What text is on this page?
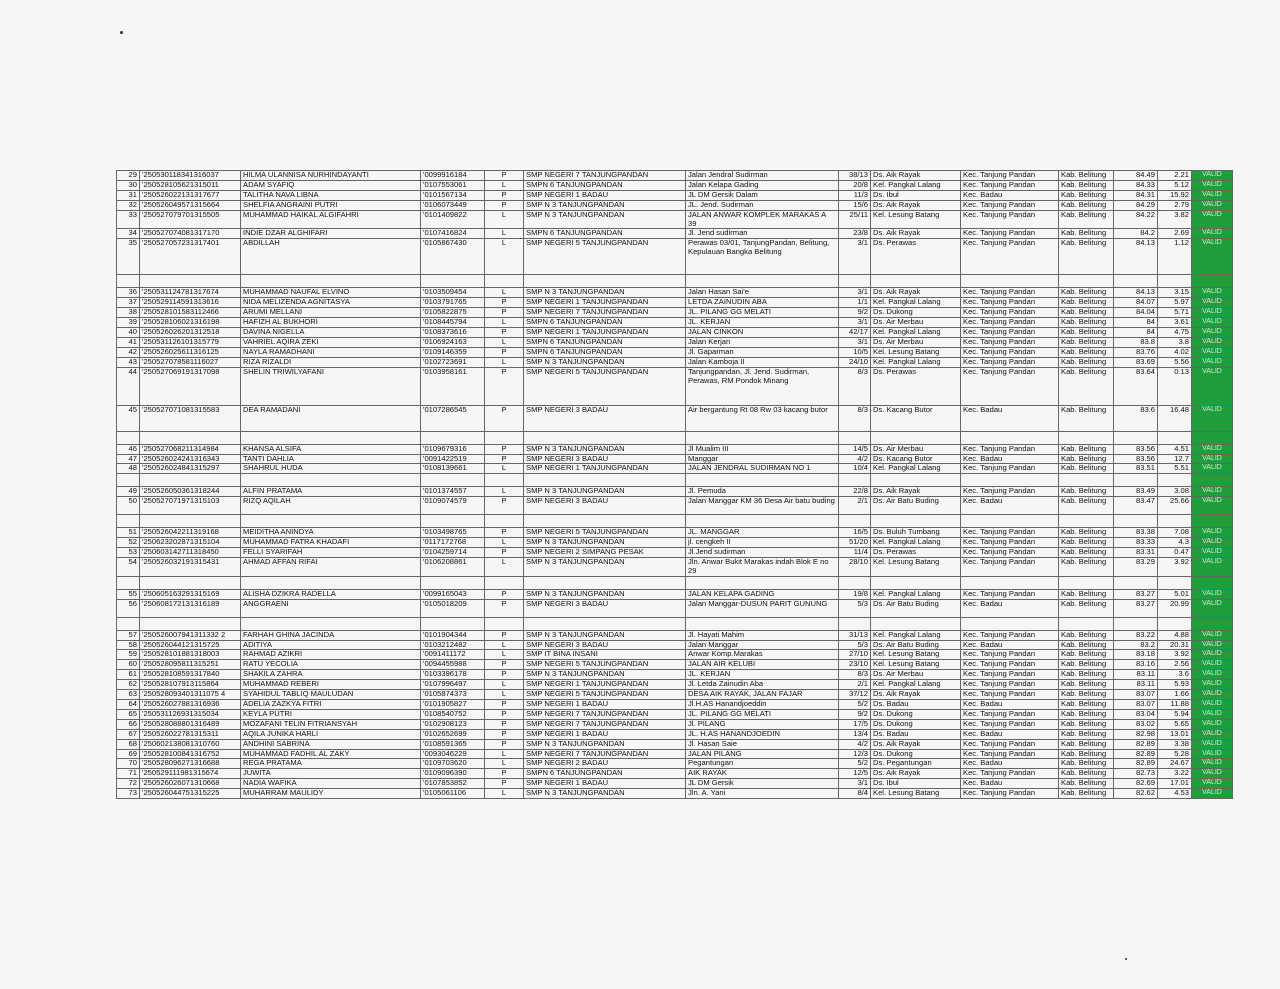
29	'250530118341316037	HILMA ULANNISA NURHINDAYANTI	'0099916184	P	SMP NEGERI 7 TANJUNGPANDAN	Jalan Jendral Sudirman	38/13	Ds. Aik Rayak	Kec. Tanjung Pandan	Kab. Belitung	84.49	2.21	VALID
30	'250528105621315011	ADAM SYAFIQ	'0107553061	L	SMPN 6 TANJUNGPANDAN	Jalan Kelapa Gading	20/8	Kel. Pangkal Lalang	Kec. Tanjung Pandan	Kab. Belitung	84.33	5.12	VALID
31	'250526022131317677	TALITHA NAVA LIBNA	'0101567134	P	SMP NEGERI 1 BADAU	JL DM Gersik Dalam	11/3	Ds. Ibul	Kec. Badau	Kab. Belitung	84.31	15.92	VALID
32	'250526049571315664	SHELFIA ANGRAINI PUTRI	'0106073449	P	SMP N 3 TANJUNGPANDAN	JL. Jend. Sudirman	15/6	Ds. Aik Rayak	Kec. Tanjung Pandan	Kab. Belitung	84.29	2.79	VALID
33	'250527079701315505	MUHAMMAD HAIKAL ALGIFAHRI	'0101409822	L	SMP N 3 TANJUNGPANDAN	JALAN ANWAR KOMPLEK MARAKAS A 39	25/11	Kel. Lesung Batang	Kec. Tanjung Pandan	Kab. Belitung	84.22	3.82	VALID
34	'250527074081317170	INDIE DZAR ALGHIFARI	'0107416824	L	SMPN 6 TANJUNGPANDAN	Jl. Jend sudirman	23/8	Ds. Aik Rayak	Kec. Tanjung Pandan	Kab. Belitung	84.2	2.69	VALID
35	'250527057231317401	ABDILLAH	'0105867430	L	SMP NEGERI 5 TANJUNGPANDAN	Perawas 03/01, TanjungPandan, Belitung, Kepulauan Bangka Belitung	3/1	Ds. Perawas	Kec. Tanjung Pandan	Kab. Belitung	84.13	1.12	VALID

36	'250531124781317674	MUHAMMAD NAUFAL ELVINO	'0103509454	L	SMP N 3 TANJUNGPANDAN	Jalan Hasan Sai'e	3/1	Ds. Aik Rayak	Kec. Tanjung Pandan	Kab. Belitung	84.13	3.15	VALID
37	'250529114591313616	NIDA MELIZENDA AGNITASYA	'0103791765	P	SMP NEGERI 1 TANJUNGPANDAN	LETDA ZAINUDIN ABA	1/1	Kel. Pangkal Lalang	Kec. Tanjung Pandan	Kab. Belitung	84.07	5.97	VALID
38	'250528101583112466	ARUMI MELLANI	'0105822875	P	SMP NEGERI 7 TANJUNGPANDAN	JL. PILANG GG MELATI	9/2	Ds. Dukong	Kec. Tanjung Pandan	Kab. Belitung	84.04	5.71	VALID
39	'250528106021316198	HAFIZH AL BUKHORI	'0108445794	L	SMPN 6 TANJUNGPANDAN	JL. KERJAN	3/1	Ds. Air Merbau	Kec. Tanjung Pandan	Kab. Belitung	84	3.61	VALID
40	'250526026201312518	DAVINA NIGELLA	'0108373616	P	SMP NEGERI 1 TANJUNGPANDAN	JALAN CINKON	42/17	Kel. Pangkal Lalang	Kec. Tanjung Pandan	Kab. Belitung	84	4.75	VALID
41	'250531126101315779	VAHRIEL AQIRA ZEKI	'0106924163	L	SMPN 6 TANJUNGPANDAN	Jalan Kerjan	3/1	Ds. Air Merbau	Kec. Tanjung Pandan	Kab. Belitung	83.8	3.8	VALID
42	'250526025611316125	NAYLA RAMADHANI	'0109146359	P	SMPN 6 TANJUNGPANDAN	Jl. Gaparman	10/5	Kel. Lesung Batang	Kec. Tanjung Pandan	Kab. Belitung	83.76	4.02	VALID
43	'250527078581116027	RIZA RIZALDI	'0102723691	L	SMP N 3 TANJUNGPANDAN	Jalan Kamboja II	24/10	Kel. Pangkal Lalang	Kec. Tanjung Pandan	Kab. Belitung	83.69	5.56	VALID
44	'250527069191317098	SHELIN TRIWILYAFANI	'0103958161	P	SMP NEGERI 5 TANJUNGPANDAN	Tanjungpandan, Jl. Jend. Sudirman, Perawas, RM Pondok Minang	8/3	Ds. Perawas	Kec. Tanjung Pandan	Kab. Belitung	83.64	0.13	VALID
45	'250527071081315583	DEA RAMADANI	'0107286545	P	SMP NEGERI 3 BADAU	Air bergantung Rt 08 Rw 03 kacang butor	8/3	Ds. Kacang Butor	Kec. Badau	Kab. Belitung	83.6	16.48	VALID

46	'250527068211314984	KHANSA ALSIFA	'0109679316	P	SMP N 3 TANJUNGPANDAN	Jl Mualim III	14/5	Ds. Air Merbau	Kec. Tanjung Pandan	Kab. Belitung	83.56	4.51	VALID
47	'250526024241316343	TANTI DAHLIA	'0091422519	P	SMP NEGERI 3 BADAU	Manggar	4/2	Ds. Kacang Butor	Kec. Badau	Kab. Belitung	83.56	12.7	VALID
48	'250526024841315297	SHAHRUL HUDA	'0108139661	L	SMP NEGERI 1 TANJUNGPANDAN	JALAN JENDRAL SUDIRMAN NO 1	10/4	Kel. Pangkal Lalang	Kec. Tanjung Pandan	Kab. Belitung	83.51	5.51	VALID

49	'250526050361318244	ALFIN PRATAMA	'0101374557	L	SMP N 3 TANJUNGPANDAN	Jl. Pemuda	22/8	Ds. Aik Rayak	Kec. Tanjung Pandan	Kab. Belitung	83.49	3.08	VALID
50	'250527071971315103	RIZQ AQILAH	'0109074579	P	SMP NEGERI 3 BADAU	Jalan Manggar KM 36 Desa Air batu buding	2/1	Ds. Air Batu Buding	Kec. Badau	Kab. Belitung	83.47	25.66	VALID

51	'250526042211319168	MEIDITHA ANINDYA	'0103498765	P	SMP NEGERI 5 TANJUNGPANDAN	JL. MANGGAR	16/5	Ds. Buluh Tumbang	Kec. Tanjung Pandan	Kab. Belitung	83.38	7.08	VALID
52	'250623202871315104	MUHAMMAD FATRA KHADAFI	'0117172768	L	SMP N 3 TANJUNGPANDAN	jl. cengkeh II	51/20	Kel. Pangkal Lalang	Kec. Tanjung Pandan	Kab. Belitung	83.33	4.3	VALID
53	'250603142711318450	FELLI SYARIFAH	'0104259714	P	SMP NEGERI 2 SIMPANG PESAK	Jl.Jend sudirman	11/4	Ds. Perawas	Kec. Tanjung Pandan	Kab. Belitung	83.31	0.47	VALID
54	'250526032191315431	AHMAD AFFAN RIFAI	'0106208861	L	SMP N 3 TANJUNGPANDAN	Jln. Anwar Bukit Marakas indah Blok E no 29	28/10	Kel. Lesung Batang	Kec. Tanjung Pandan	Kab. Belitung	83.29	3.92	VALID

55	'250605163291315169	ALISHA DZIKRA RADELLA	'0099165043	P	SMP N 3 TANJUNGPANDAN	JALAN KELAPA GADING	19/8	Kel. Pangkal Lalang	Kec. Tanjung Pandan	Kab. Belitung	83.27	5.01	VALID
56	'250608172131316189	ANGGRAENI	'0105018209	P	SMP NEGERI 3 BADAU	Jalan Manggar-DUSUN PARIT GUNUNG	5/3	Ds. Air Batu Buding	Kec. Badau	Kab. Belitung	83.27	20.99	VALID

57	'250526007941311332 2	FARHAH GHINA JACINDA	'0101904344	P	SMP N 3 TANJUNGPANDAN	Jl. Hayati Mahim	31/13	Kel. Pangkal Lalang	Kec. Tanjung Pandan	Kab. Belitung	83.22	4.88	VALID
58	'250526044121315725	ADITIYA	'0103212482	L	SMP NEGERI 3 BADAU	Jalan Manggar	5/3	Ds. Air Batu Buding	Kec. Badau	Kab. Belitung	83.2	20.31	VALID
59	'250528101881318003	RAHMAD AZIKRI	'0091411172	L	SMP IT BINA INSANI	Anwar Komp.Marakas	27/10	Kel. Lesung Batang	Kec. Tanjung Pandan	Kab. Belitung	83.18	3.92	VALID
60	'250528095811315251	RATU YECOLIA	'0094455988	P	SMP NEGERI 5 TANJUNGPANDAN	JALAN AIR KELUBI	23/10	Kel. Lesung Batang	Kec. Tanjung Pandan	Kab. Belitung	83.16	2.56	VALID
61	'250528108591317840	SHAKILA ZAHRA	'0103396178	P	SMP N 3 TANJUNGPANDAN	JL. KERJAN	8/3	Ds. Air Merbau	Kec. Tanjung Pandan	Kab. Belitung	83.11	3.6	VALID
62	'250528107913115864	MUHAMMAD REBERI	'0107996497	L	SMP NEGERI 1 TANJUNGPANDAN	Jl. Letda Zainudin Aba	2/1	Kel. Pangkal Lalang	Kec. Tanjung Pandan	Kab. Belitung	83.11	5.93	VALID
63	'250528093401311075 4	SYAHIDUL TABLIQ MAULUDAN	'0105874373	L	SMP NEGERI 5 TANJUNGPANDAN	DESA AIK RAYAK, JALAN FAJAR	37/12	Ds. Aik Rayak	Kec. Tanjung Pandan	Kab. Belitung	83.07	1.66	VALID
64	'250526027881316936	ADELIA ZAZKYA FITRI	'0101905827	P	SMP NEGERI 1 BADAU	Jl.H.AS Hanandjoeddin	5/2	Ds. Badau	Kec. Badau	Kab. Belitung	83.07	11.88	VALID
65	'250531126931315034	KEYLA PUTRI	'0108540752	P	SMP NEGERI 7 TANJUNGPANDAN	JL. PILANG GG MELATI	9/2	Ds. Dukong	Kec. Tanjung Pandan	Kab. Belitung	83.04	5.94	VALID
66	'250528088801316489	MOZAFANI TELIN FITRIANSYAH	'0102908123	P	SMP NEGERI 7 TANJUNGPANDAN	Jl. PILANG	17/5	Ds. Dukong	Kec. Tanjung Pandan	Kab. Belitung	83.02	5.65	VALID
67	'250526022781315311	AQILA JUNIKA HARLI	'0102652699	P	SMP NEGERI 1 BADAU	JL. H.AS HANANDJOEDIN	13/4	Ds. Badau	Kec. Badau	Kab. Belitung	82.98	13.01	VALID
68	'250602138081310760	ANDHINI SABRINA	'0108591365	P	SMP N 3 TANJUNGPANDAN	Jl. Hasan Saie	4/2	Ds. Aik Rayak	Kec. Tanjung Pandan	Kab. Belitung	82.89	3.38	VALID
69	'250528100841316752	MUHAMMAD FADHIL AL ZAKY	'0093046229	L	SMP NEGERI 7 TANJUNGPANDAN	JALAN PILANG	12/3	Ds. Dukong	Kec. Tanjung Pandan	Kab. Belitung	82.89	5.28	VALID
70	'250528096271316688	REGA PRATAMA	'0109703620	L	SMP NEGERI 2 BADAU	Pegantungan	5/2	Ds. Pegantungan	Kec. Badau	Kab. Belitung	82.89	24.67	VALID
71	'250529111981315674	JUWITA	'0109096390	P	SMPN 6 TANJUNGPANDAN	AIK RAYAK	12/5	Ds. Aik Rayak	Kec. Tanjung Pandan	Kab. Belitung	82.73	3.22	VALID
72	'250526026071310668	NADIA WAFIKA	'0107853852	P	SMP NEGERI 1 BADAU	JL DM Gersik	3/1	Ds. Ibul	Kec. Badau	Kab. Belitung	82.69	17.01	VALID
73	'250526044751315225	MUHARRAM MAULIDY	'0105061106	L	SMP N 3 TANJUNGPANDAN	Jln. A. Yani	8/4	Kel. Lesung Batang	Kec. Tanjung Pandan	Kab. Belitung	82.62	4.53	VALID
